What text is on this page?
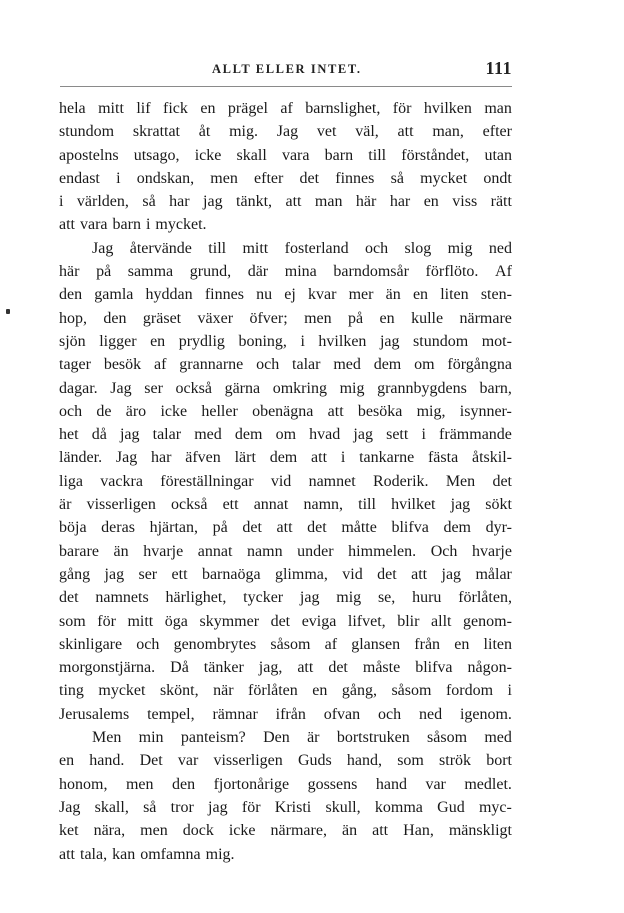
ALLT ELLER INTET.	111
hela mitt lif fick en prägel af barnslighet, för hvilken man
stundom skrattat åt mig. Jag vet väl, att man, efter
apostelns utsago, icke skall vara barn till förståndet, utan
endast i ondskan, men efter det finnes så mycket ondt
i världen, så har jag tänkt, att man här har en viss rätt
att vara barn i mycket.
Jag återvände till mitt fosterland och slog mig ned
här på samma grund, där mina barndomsår förflöto. Af
den gamla hyddan finnes nu ej kvar mer än en liten sten-
hop, den gräset växer öfver; men på en kulle närmare
sjön ligger en prydlig boning, i hvilken jag stundom mot-
tager besök af grannarne och talar med dem om förgångna
dagar. Jag ser också gärna omkring mig grannbygdens barn,
och de äro icke heller obenägna att besöka mig, isynner-
het då jag talar med dem om hvad jag sett i främmande
länder. Jag har äfven lärt dem att i tankarne fästa åtskil-
liga vackra föreställningar vid namnet Roderik. Men det
är visserligen också ett annat namn, till hvilket jag sökt
böja deras hjärtan, på det att det måtte blifva dem dyr-
barare än hvarje annat namn under himmelen. Och hvarje
gång jag ser ett barnaöga glimma, vid det att jag målar
det namnets härlighet, tycker jag mig se, huru förlåten,
som för mitt öga skymmer det eviga lifvet, blir allt genom-
skinligare och genombrytes såsom af glansen från en liten
morgonstjärna. Då tänker jag, att det måste blifva någon-
ting mycket skönt, när förlåten en gång, såsom fordom i
Jerusalems tempel, rämnar ifrån ofvan och ned igenom.
Men min panteism? Den är bortstruken såsom med
en hand. Det var visserligen Guds hand, som strök bort
honom, men den fjortonårige gossens hand var medlet.
Jag skall, så tror jag för Kristi skull, komma Gud myc-
ket nära, men dock icke närmare, än att Han, mänskligt
att tala, kan omfamna mig.
